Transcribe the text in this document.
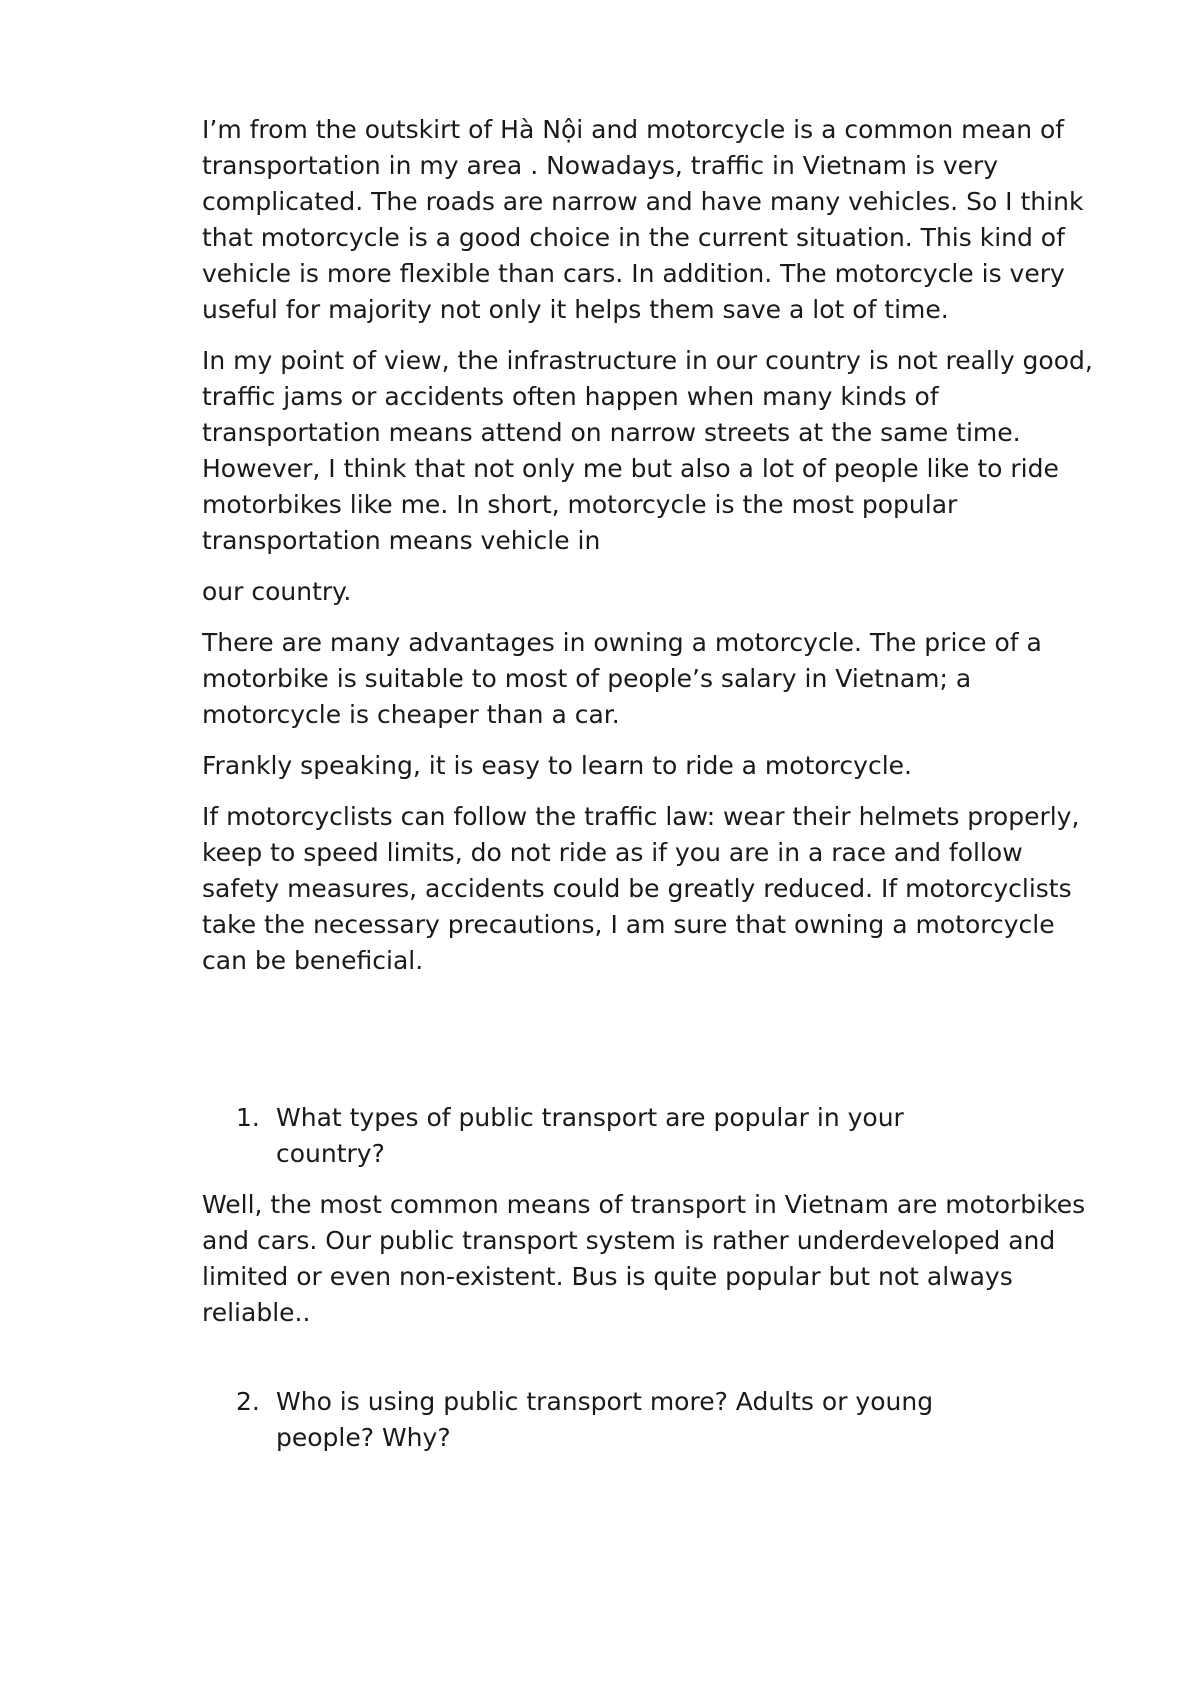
I’m from the outskirt of Hà Nội and motorcycle is a common mean of transportation in my area . Nowadays, traffic in Vietnam is very complicated. The roads are narrow and have many vehicles. So I think that motorcycle is a good choice in the current situation. This kind of vehicle is more flexible than cars. In addition. The motorcycle is very useful for majority not only it helps them save a lot of time.

In my point of view, the infrastructure in our country is not really good, traffic jams or accidents often happen when many kinds of transportation means attend on narrow streets at the same time. However, I think that not only me but also a lot of people like to ride motorbikes like me. In short, motorcycle is the most popular transportation means vehicle in

our country.

There are many advantages in owning a motorcycle. The price of a motorbike is suitable to most of people’s salary in Vietnam; a motorcycle is cheaper than a car.

Frankly speaking, it is easy to learn to ride a motorcycle.

If motorcyclists can follow the traffic law: wear their helmets properly, keep to speed limits, do not ride as if you are in a race and follow safety measures, accidents could be greatly reduced. If motorcyclists take the necessary precautions, I am sure that owning a motorcycle can be beneficial.

1. What types of public transport are popular in your country?

Well, the most common means of transport in Vietnam are motorbikes and cars. Our public transport system is rather underdeveloped and limited or even non-existent. Bus is quite popular but not always reliable..

2. Who is using public transport more? Adults or young people? Why?
